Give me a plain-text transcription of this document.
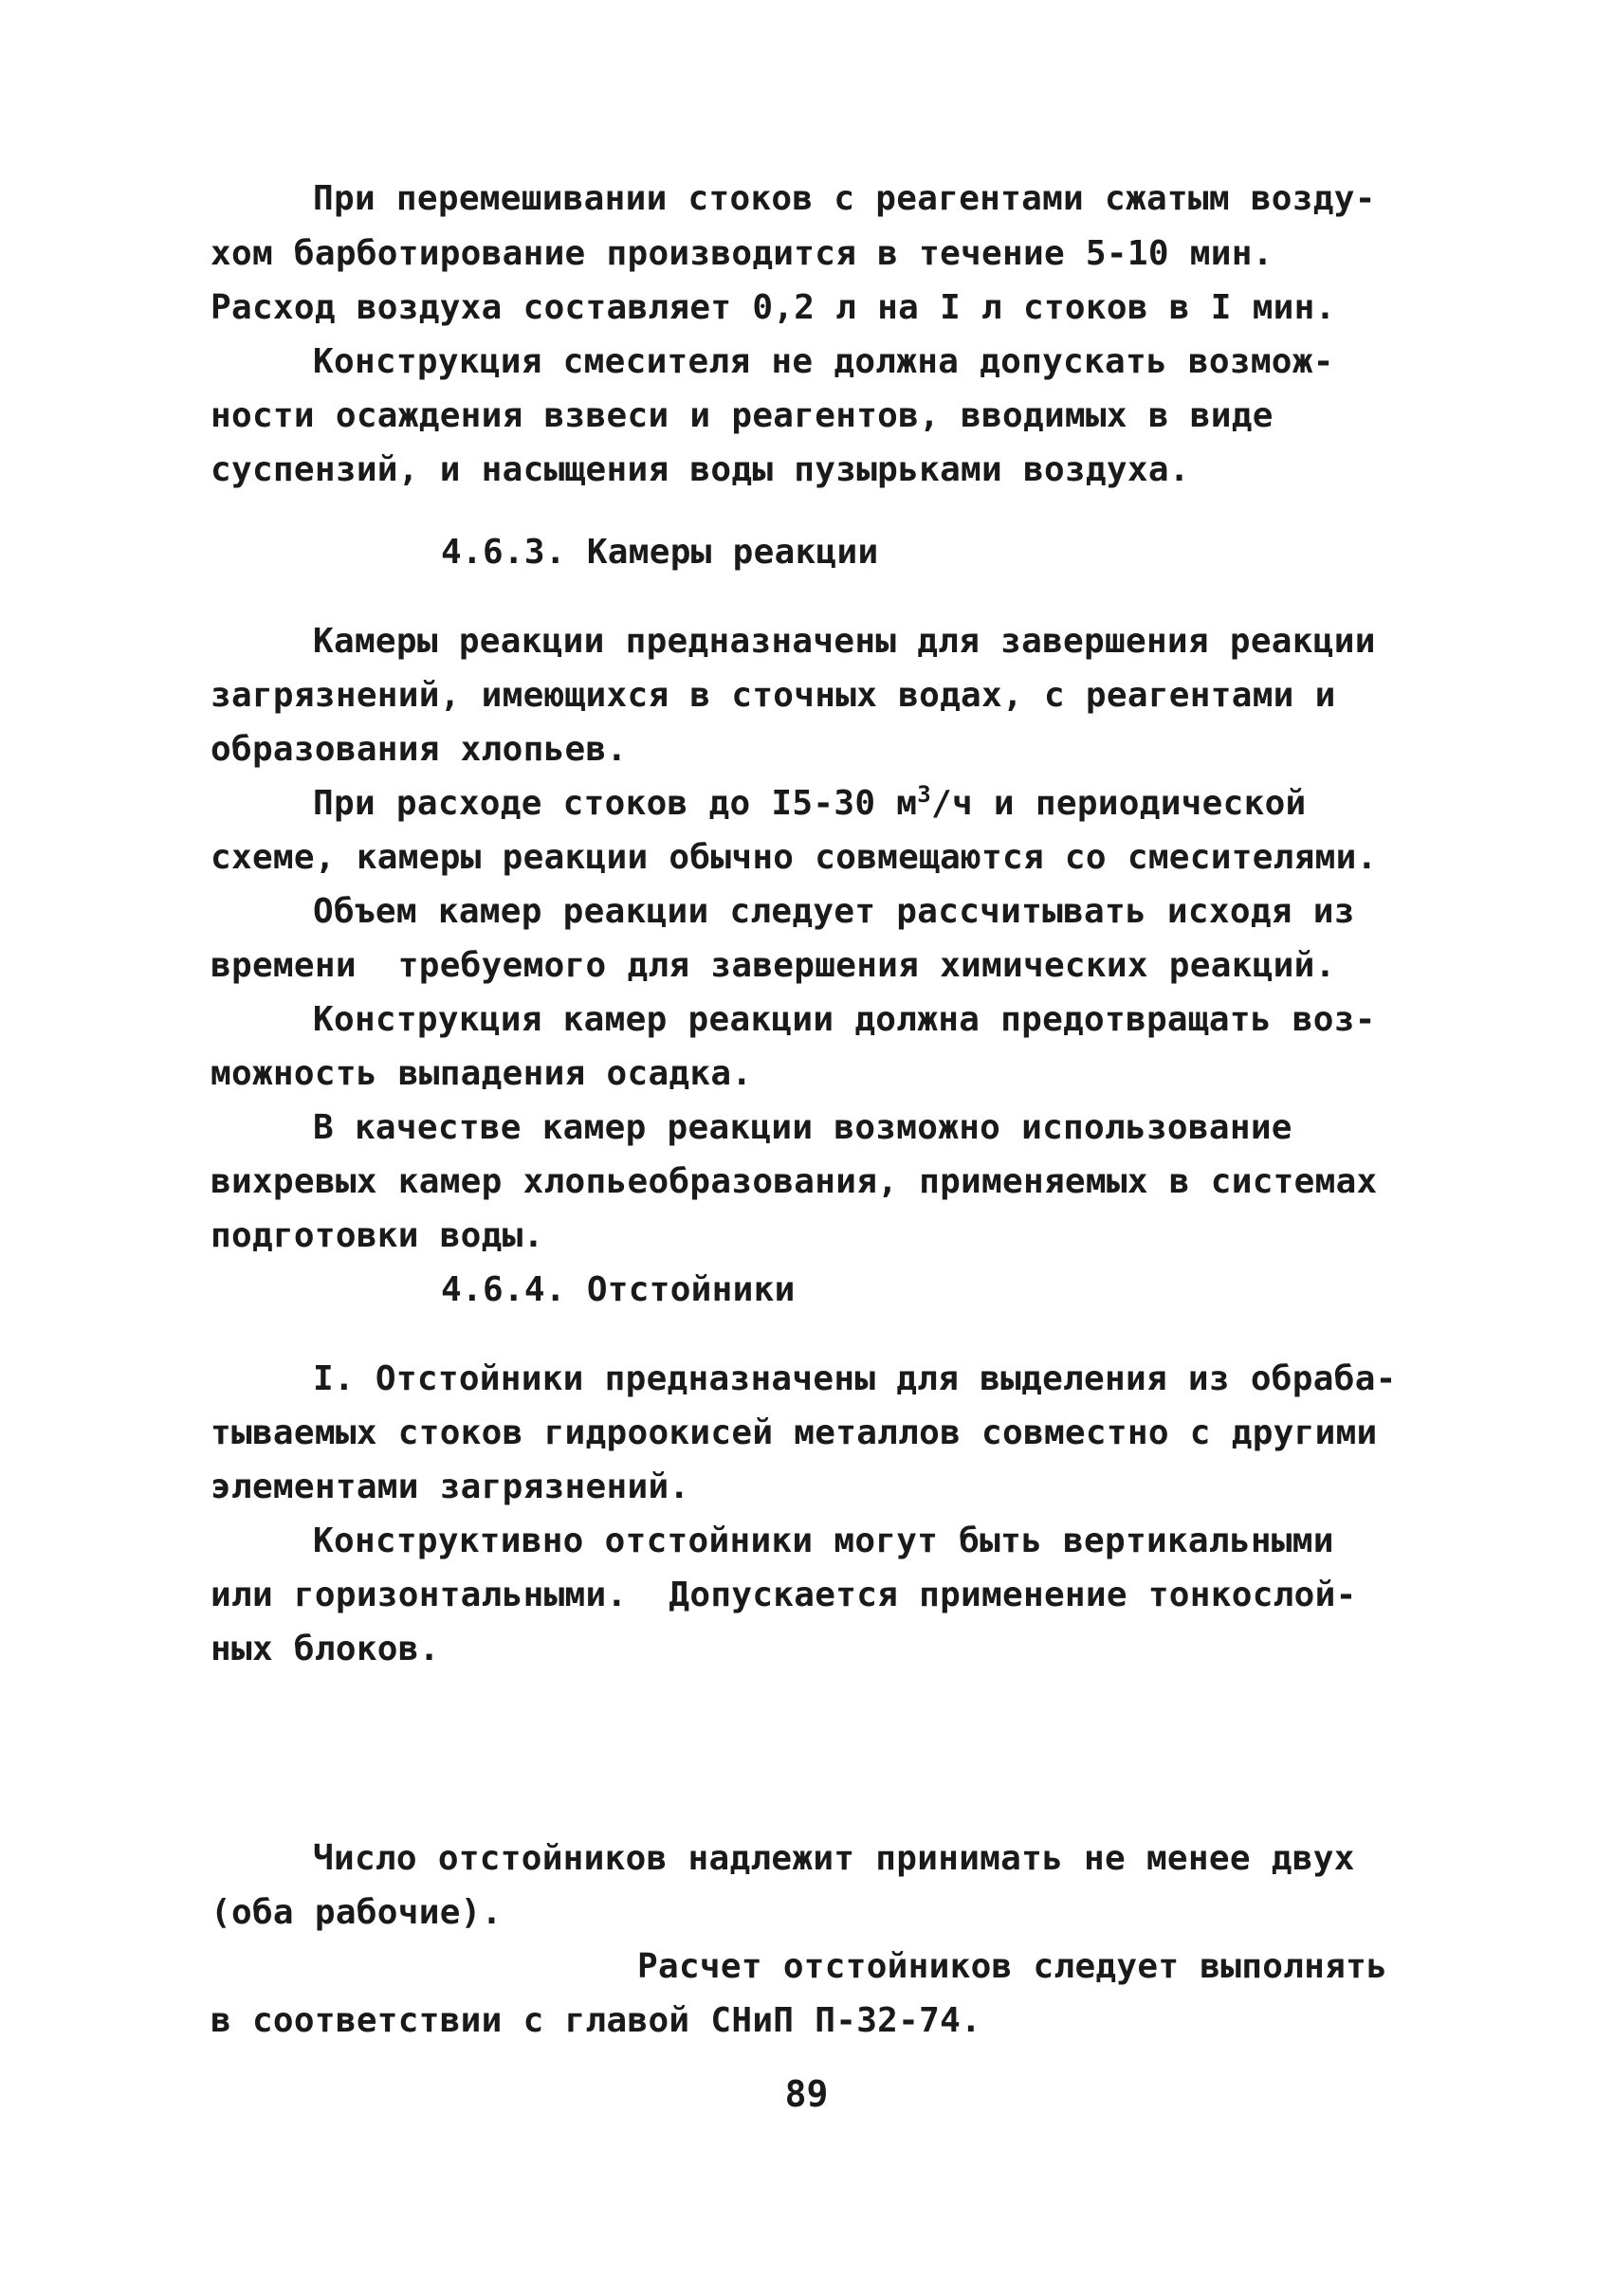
При перемешивании стоков с реагентами сжатым возду-
хом барботирование производится в течение 5-10 мин.
Расход воздуха составляет 0,2 л на I л стоков в I мин.
Конструкция смесителя не должна допускать возмож-
ности осаждения взвеси и реагентов, вводимых в виде
суспензий, и насыщения воды пузырьками воздуха.
4.6.3. Камеры реакции
Камеры реакции предназначены для завершения реакции
загрязнений, имеющихся в сточных водах, с реагентами и
образования хлопьев.
При расходе стоков до I5-30 $м^3/ч$ и периодической
схеме, камеры реакции обычно совмещаются со смесителями.
Объем камер реакции следует рассчитывать исходя из
времени  требуемого для завершения химических реакций.
Конструкция камер реакции должна предотвращать воз-
можность выпадения осадка.
В качестве камер реакции возможно использование
вихревых камер хлопьеобразования, применяемых в системах
подготовки воды.
4.6.4. Отстойники
I. Отстойники предназначены для выделения из обраба-
тываемых стоков гидроокисей металлов совместно с другими
элементами загрязнений.
Конструктивно отстойники могут быть вертикальными
или горизонтальными.  Допускается применение тонкослой-
ных блоков.
Число отстойников надлежит принимать не менее двух
(оба рабочие).
Расчет отстойников следует выполнять
в соответствии с главой СНиП П-32-74.
89
